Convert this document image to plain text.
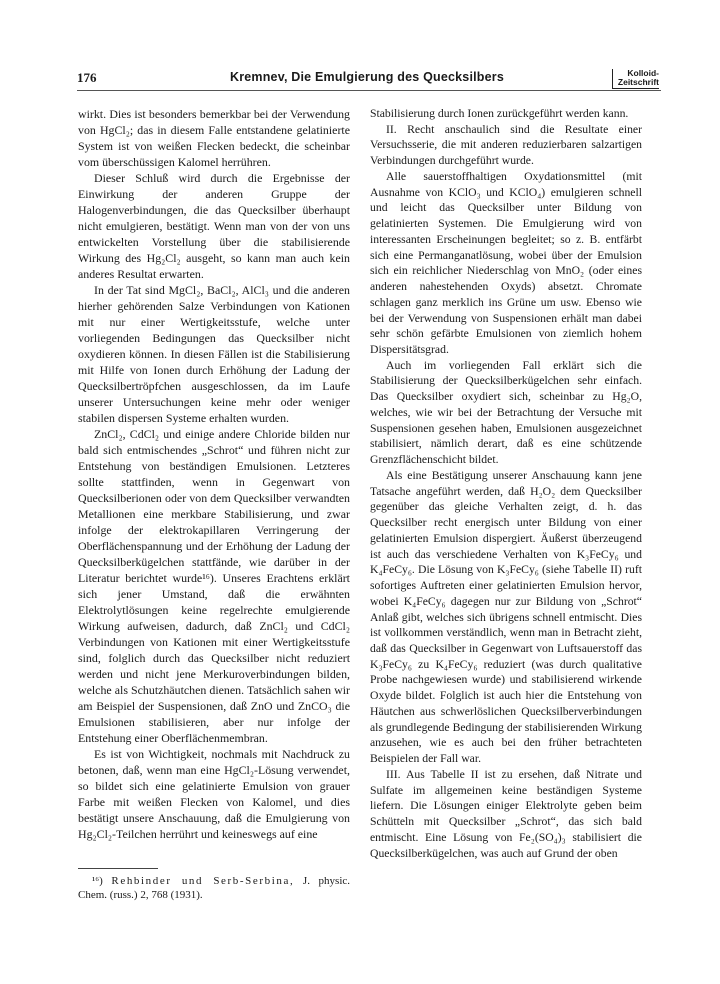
176	Kremnev, Die Emulgierung des Quecksilbers	Kolloid-
Zeitschrift

wirkt. Dies ist besonders bemerkbar bei der Verwendung von HgCl₂; das in diesem Falle entstandene gelatinierte System ist von weißen Flecken bedeckt, die scheinbar vom überschüssigen Kalomel herrühren.

Dieser Schluß wird durch die Ergebnisse der Einwirkung der anderen Gruppe der Halogenverbindungen, die das Quecksilber überhaupt nicht emulgieren, bestätigt. Wenn man von der von uns entwickelten Vorstellung über die stabilisierende Wirkung des Hg₂Cl₂ ausgeht, so kann man auch kein anderes Resultat erwarten.

In der Tat sind MgCl₂, BaCl₂, AlCl₃ und die anderen hierher gehörenden Salze Verbindungen von Kationen mit nur einer Wertigkeitsstufe, welche unter vorliegenden Bedingungen das Quecksilber nicht oxydieren können. In diesen Fällen ist die Stabilisierung mit Hilfe von Ionen durch Erhöhung der Ladung der Quecksilbertröpfchen ausgeschlossen, da im Laufe unserer Untersuchungen keine mehr oder weniger stabilen dispersen Systeme erhalten wurden.

ZnCl₂, CdCl₂ und einige andere Chloride bilden nur bald sich entmischendes „Schrot“ und führen nicht zur Entstehung von beständigen Emulsionen. Letzteres sollte stattfinden, wenn in Gegenwart von Quecksilberionen oder von dem Quecksilber verwandten Metallionen eine merkbare Stabilisierung, und zwar infolge der elektrokapillaren Verringerung der Oberflächenspannung und der Erhöhung der Ladung der Quecksilberkügelchen stattfände, wie darüber in der Literatur berichtet wurde¹⁶). Unseres Erachtens erklärt sich jener Umstand, daß die erwähnten Elektrolytlösungen keine regelrechte emulgierende Wirkung aufweisen, dadurch, daß ZnCl₂ und CdCl₂ Verbindungen von Kationen mit einer Wertigkeitsstufe sind, folglich durch das Quecksilber nicht reduziert werden und nicht jene Merkuroverbindungen bilden, welche als Schutzhäutchen dienen. Tatsächlich sahen wir am Beispiel der Suspensionen, daß ZnO und ZnCO₃ die Emulsionen stabilisieren, aber nur infolge der Entstehung einer Oberflächenmembran.

Es ist von Wichtigkeit, nochmals mit Nachdruck zu betonen, daß, wenn man eine HgCl₂-Lösung verwendet, so bildet sich eine gelatinierte Emulsion von grauer Farbe mit weißen Flecken von Kalomel, und dies bestätigt unsere Anschauung, daß die Emulgierung von Hg₂Cl₂-Teilchen herrührt und keineswegs auf eine

Stabilisierung durch Ionen zurückgeführt werden kann.

II. Recht anschaulich sind die Resultate einer Versuchsserie, die mit anderen reduzierbaren salzartigen Verbindungen durchgeführt wurde.

Alle sauerstoffhaltigen Oxydationsmittel (mit Ausnahme von KClO₃ und KClO₄) emulgieren schnell und leicht das Quecksilber unter Bildung von gelatinierten Systemen. Die Emulgierung wird von interessanten Erscheinungen begleitet; so z. B. entfärbt sich eine Permanganatlösung, wobei über der Emulsion sich ein reichlicher Niederschlag von MnO₂ (oder eines anderen nahestehenden Oxyds) absetzt. Chromate schlagen ganz merklich ins Grüne um usw. Ebenso wie bei der Verwendung von Suspensionen erhält man dabei sehr schön gefärbte Emulsionen von ziemlich hohem Dispersitätsgrad.

Auch im vorliegenden Fall erklärt sich die Stabilisierung der Quecksilberkügelchen sehr einfach. Das Quecksilber oxydiert sich, scheinbar zu Hg₂O, welches, wie wir bei der Betrachtung der Versuche mit Suspensionen gesehen haben, Emulsionen ausgezeichnet stabilisiert, nämlich derart, daß es eine schützende Grenzflächenschicht bildet.

Als eine Bestätigung unserer Anschauung kann jene Tatsache angeführt werden, daß H₂O₂ dem Quecksilber gegenüber das gleiche Verhalten zeigt, d. h. das Quecksilber recht energisch unter Bildung von einer gelatinierten Emulsion dispergiert. Äußerst überzeugend ist auch das verschiedene Verhalten von K₃FeCy₆ und K₄FeCy₆. Die Lösung von K₃FeCy₆ (siehe Tabelle II) ruft sofortiges Auftreten einer gelatinierten Emulsion hervor, wobei K₄FeCy₆ dagegen nur zur Bildung von „Schrot“ Anlaß gibt, welches sich übrigens schnell entmischt. Dies ist vollkommen verständlich, wenn man in Betracht zieht, daß das Quecksilber in Gegenwart von Luftsauerstoff das K₃FeCy₆ zu K₄FeCy₆ reduziert (was durch qualitative Probe nachgewiesen wurde) und stabilisierend wirkende Oxyde bildet. Folglich ist auch hier die Entstehung von Häutchen aus schwerlöslichen Quecksilberverbindungen als grundlegende Bedingung der stabilisierenden Wirkung anzusehen, wie es auch bei den früher betrachteten Beispielen der Fall war.

III. Aus Tabelle II ist zu ersehen, daß Nitrate und Sulfate im allgemeinen keine beständigen Systeme liefern. Die Lösungen einiger Elektrolyte geben beim Schütteln mit Quecksilber „Schrot“, das sich bald entmischt. Eine Lösung von Fe₂(SO₄)₃ stabilisiert die Quecksilberkügelchen, was auch auf Grund der oben

¹⁶) Rehbinder und Serb-Serbina, J. physic. Chem. (russ.) 2, 768 (1931).
